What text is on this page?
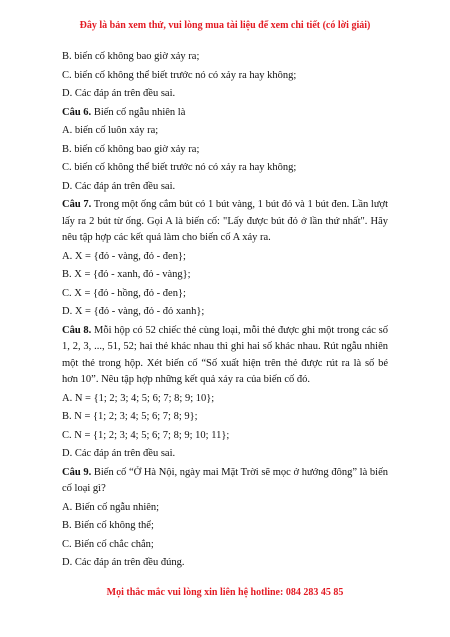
Đây là bản xem thử, vui lòng mua tài liệu để xem chi tiết (có lời giải)
B. biến cố không bao giờ xảy ra;
C. biến cố không thể biết trước nó có xảy ra hay không;
D. Các đáp án trên đều sai.
Câu 6. Biến cố ngẫu nhiên là
A. biến cố luôn xảy ra;
B. biến cố không bao giờ xảy ra;
C. biến cố không thể biết trước nó có xảy ra hay không;
D. Các đáp án trên đều sai.
Câu 7. Trong một ống cắm bút có 1 bút vàng, 1 bút đỏ và 1 bút đen. Lần lượt
lấy ra 2 bút từ ống. Gọi A là biến cố: "Lấy được bút đỏ ở lần thứ nhất". Hãy
nêu tập hợp các kết quả làm cho biến cố A xảy ra.
A. X = {đỏ - vàng, đỏ - đen};
B. X = {đỏ - xanh, đỏ - vàng};
C. X = {đỏ - hồng, đỏ - đen};
D. X = {đỏ - vàng, đỏ - đỏ xanh};
Câu 8. Mỗi hộp có 52 chiếc thẻ cùng loại, mỗi thẻ được ghi một trong các số
1, 2, 3, ..., 51, 52; hai thẻ khác nhau thì ghi hai số khác nhau. Rút ngẫu nhiên
một thẻ trong hộp. Xét biến cố “Số xuất hiện trên thẻ được rút ra là số bé
hơn 10”. Nêu tập hợp những kết quả xảy ra của biến cố đó.
A. N = {1; 2; 3; 4; 5; 6; 7; 8; 9; 10};
B. N = {1; 2; 3; 4; 5; 6; 7; 8; 9};
C. N = {1; 2; 3; 4; 5; 6; 7; 8; 9; 10; 11};
D. Các đáp án trên đều sai.
Câu 9. Biến cố “Ở Hà Nội, ngày mai Mặt Trời sẽ mọc ở hướng đông” là biến
cố loại gì?
A. Biến cố ngẫu nhiên;
B. Biến cố không thể;
C. Biến cố chắc chắn;
D. Các đáp án trên đều đúng.
Mọi thắc mắc vui lòng xin liên hệ hotline: 084 283 45 85
